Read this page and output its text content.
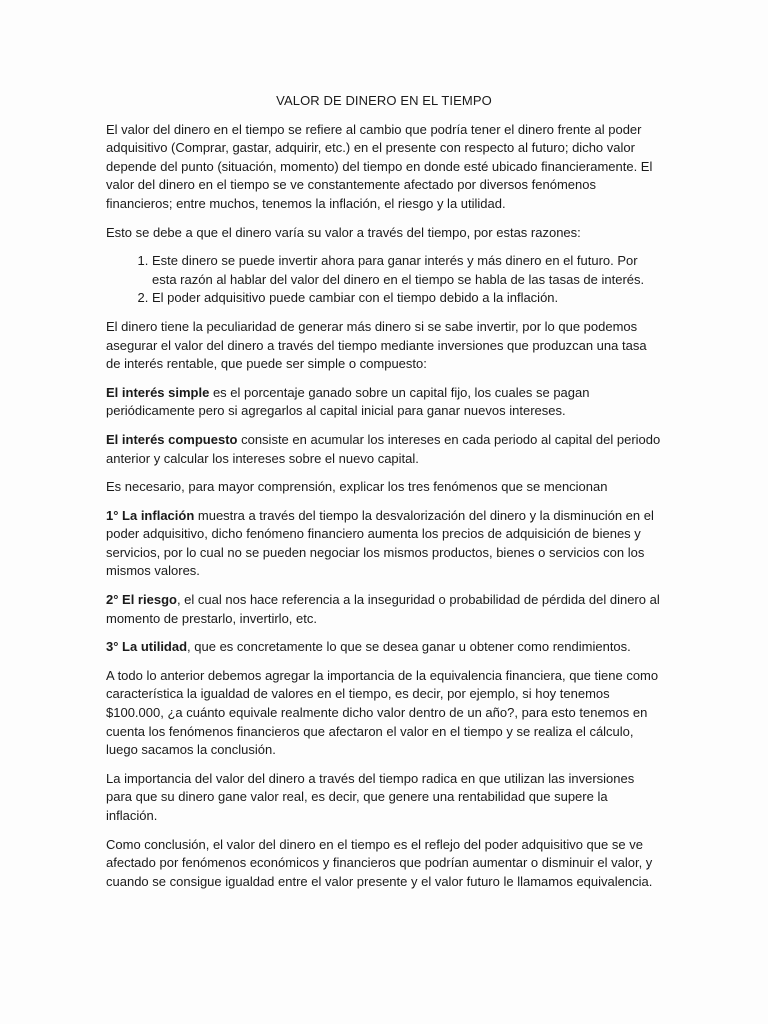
VALOR DE DINERO EN EL TIEMPO

El valor del dinero en el tiempo se refiere al cambio que podría tener el dinero frente al poder adquisitivo (Comprar, gastar, adquirir, etc.) en el presente con respecto al futuro; dicho valor depende del punto (situación, momento) del tiempo en donde esté ubicado financieramente. El valor del dinero en el tiempo se ve constantemente afectado por diversos fenómenos financieros; entre muchos, tenemos la inflación, el riesgo y la utilidad.

Esto se debe a que el dinero varía su valor a través del tiempo, por estas razones:

1. Este dinero se puede invertir ahora para ganar interés y más dinero en el futuro. Por esta razón al hablar del valor del dinero en el tiempo se habla de las tasas de interés.
2. El poder adquisitivo puede cambiar con el tiempo debido a la inflación.

El dinero tiene la peculiaridad de generar más dinero si se sabe invertir, por lo que podemos asegurar el valor del dinero a través del tiempo mediante inversiones que produzcan una tasa de interés rentable, que puede ser simple o compuesto:

El interés simple es el porcentaje ganado sobre un capital fijo, los cuales se pagan periódicamente pero si agregarlos al capital inicial para ganar nuevos intereses.

El interés compuesto consiste en acumular los intereses en cada periodo al capital del periodo anterior y calcular los intereses sobre el nuevo capital.

Es necesario, para mayor comprensión, explicar los tres fenómenos que se mencionan

1° La inflación muestra a través del tiempo la desvalorización del dinero y la disminución en el poder adquisitivo, dicho fenómeno financiero aumenta los precios de adquisición de bienes y servicios, por lo cual no se pueden negociar los mismos productos, bienes o servicios con los mismos valores.

2° El riesgo, el cual nos hace referencia a la inseguridad o probabilidad de pérdida del dinero al momento de prestarlo, invertirlo, etc.

3° La utilidad, que es concretamente lo que se desea ganar u obtener como rendimientos.

A todo lo anterior debemos agregar la importancia de la equivalencia financiera, que tiene como característica la igualdad de valores en el tiempo, es decir, por ejemplo, si hoy tenemos $100.000, ¿a cuánto equivale realmente dicho valor dentro de un año?, para esto tenemos en cuenta los fenómenos financieros que afectaron el valor en el tiempo y se realiza el cálculo, luego sacamos la conclusión.

La importancia del valor del dinero a través del tiempo radica en que utilizan las inversiones para que su dinero gane valor real, es decir, que genere una rentabilidad que supere la inflación.

Como conclusión, el valor del dinero en el tiempo es el reflejo del poder adquisitivo que se ve afectado por fenómenos económicos y financieros que podrían aumentar o disminuir el valor, y cuando se consigue igualdad entre el valor presente y el valor futuro le llamamos equivalencia.
